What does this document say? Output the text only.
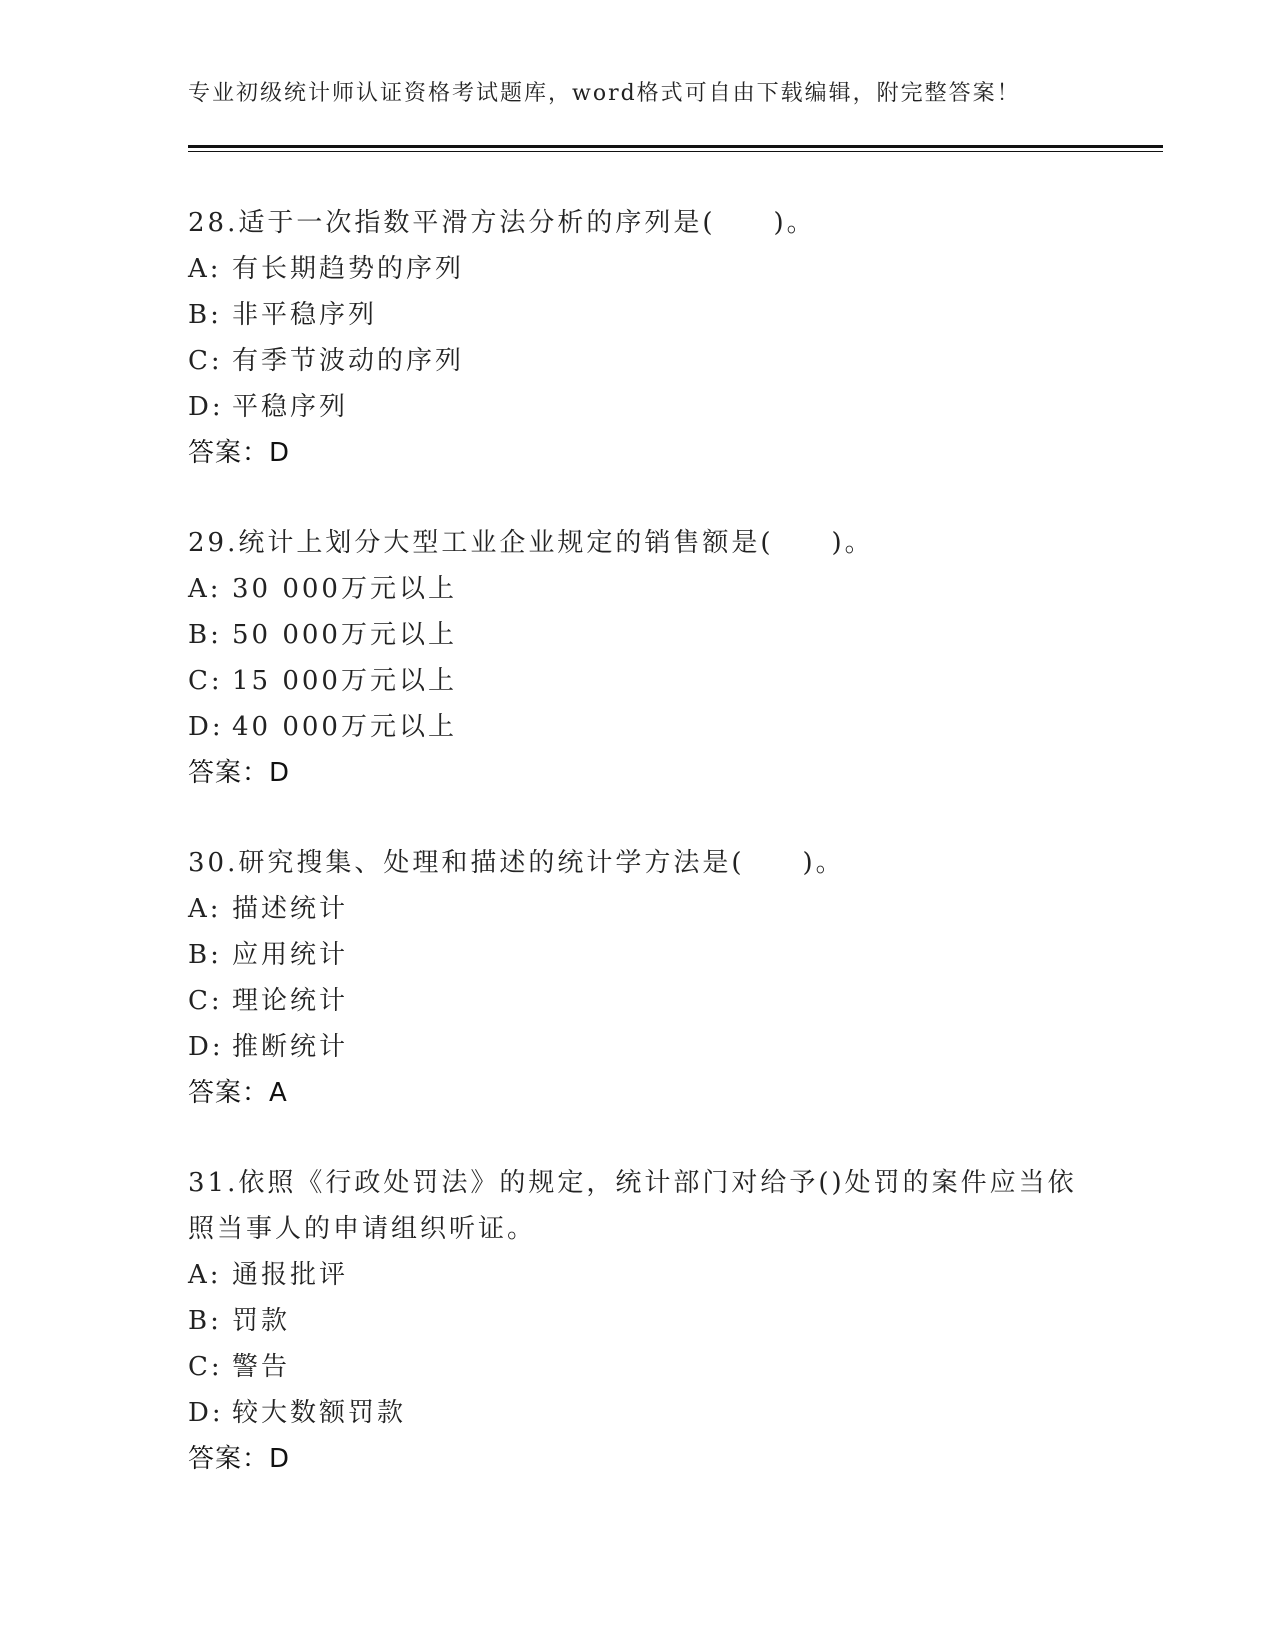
专业初级统计师认证资格考试题库，word格式可自由下载编辑，附完整答案！
28.适于一次指数平滑方法分析的序列是(　　)。
A: 有长期趋势的序列
B: 非平稳序列
C: 有季节波动的序列
D: 平稳序列
答案：D
29.统计上划分大型工业企业规定的销售额是(　　)。
A: 30 000万元以上
B: 50 000万元以上
C: 15 000万元以上
D: 40 000万元以上
答案：D
30.研究搜集、处理和描述的统计学方法是(　　)。
A: 描述统计
B: 应用统计
C: 理论统计
D: 推断统计
答案：A
31.依照《行政处罚法》的规定，统计部门对给予()处罚的案件应当依
照当事人的申请组织听证。
A: 通报批评
B: 罚款
C: 警告
D: 较大数额罚款
答案：D
